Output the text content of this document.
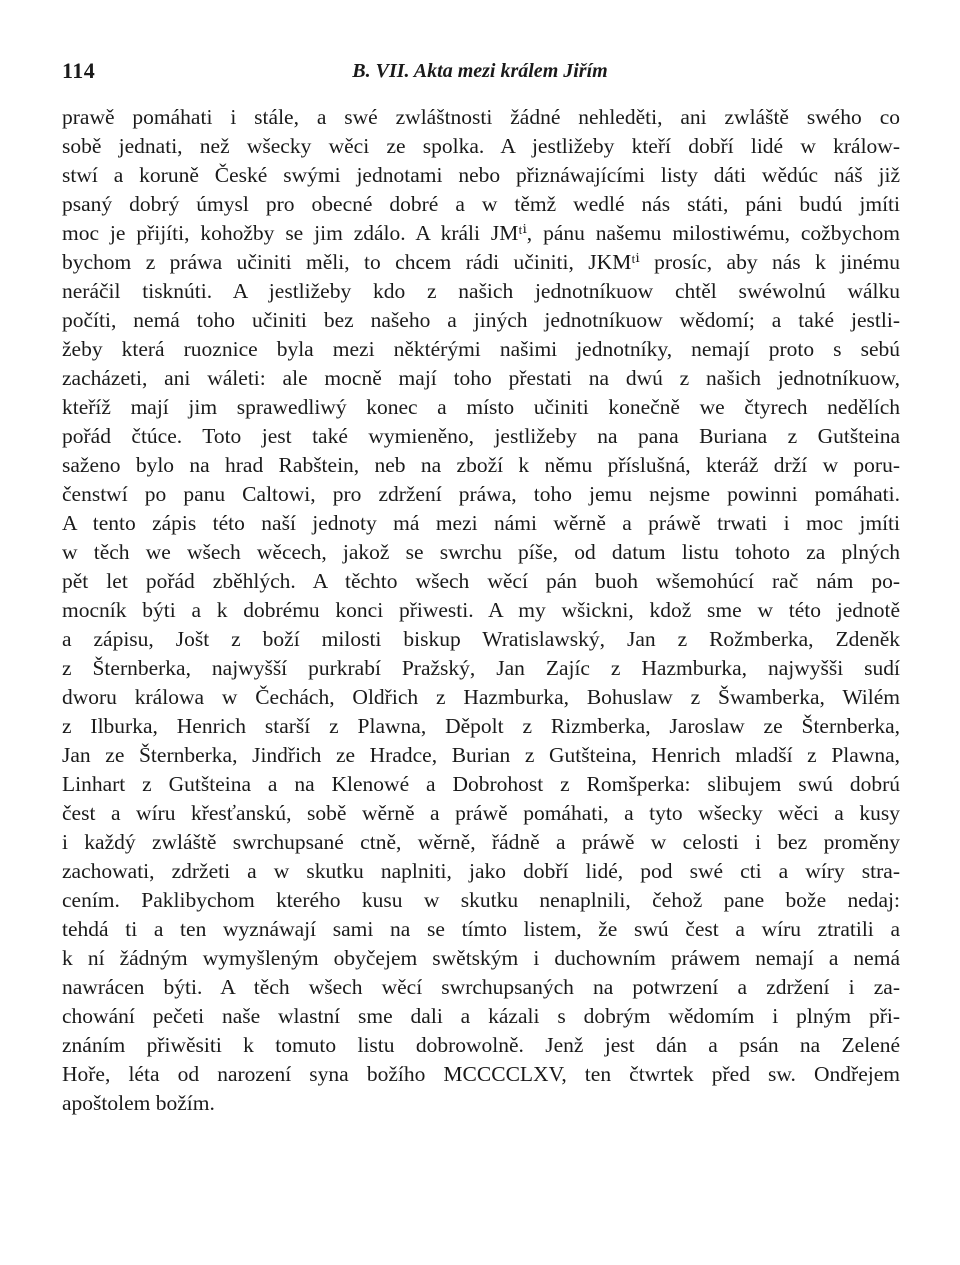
114	B. VII. Akta mezi králem Jiřím
prawě pomáhati i stále, a swé zwláštnosti žádné nehleděti, ani zwláště swého co
sobě jednati, než wšecky wěci ze spolka. A jestližeby kteří dobří lidé w králow-
stwí a koruně České swými jednotami nebo přiznáwajícími listy dáti wědúc náš již
psaný dobrý úmysl pro obecné dobré a w těmž wedlé nás státi, páni budú jmíti
moc je přijíti, kohožby se jim zdálo. A králi JMᵗⁱ, pánu našemu milostiwému, cožbychom
bychom z práwa učiniti měli, to chcem rádi učiniti, JKMᵗⁱ prosíc, aby nás k jinému
neráčil tisknúti. A jestližeby kdo z našich jednotníkuow chtěl swéwolnú wálku
počíti, nemá toho učiniti bez našeho a jiných jednotníkuow wědomí; a také jestli-
žeby která ruoznice byla mezi něktérými našimi jednotníky, nemají proto s sebú
zacházeti, ani wáleti: ale mocně mají toho přestati na dwú z našich jednotníkuow,
kteříž mají jim sprawedliwý konec a místo učiniti konečně we čtyrech nedělích
pořád čtúce. Toto jest také wymieněno, jestližeby na pana Buriana z Gutšteina
saženo bylo na hrad Rabštein, neb na zboží k němu příslušná, kteráž drží w poru-
čenstwí po panu Caltowi, pro zdržení práwa, toho jemu nejsme powinni pomáhati.
A tento zápis této naší jednoty má mezi námi wěrně a práwě trwati i moc jmíti
w těch we wšech wěcech, jakož se swrchu píše, od datum listu tohoto za plných
pět let pořád zběhlých. A těchto wšech wěcí pán buoh wšemohúcí rač nám po-
mocník býti a k dobrému konci přiwesti. A my wšickni, kdož sme w této jednotě
a zápisu, Jošt z boží milosti biskup Wratislawský, Jan z Rožmberka, Zdeněk
z Šternberka, najwyšší purkrabí Pražský, Jan Zajíc z Hazmburka, najwyšši sudí
dworu králowa w Čechách, Oldřich z Hazmburka, Bohuslaw z Šwamberka, Wilém
z Ilburka, Henrich starší z Plawna, Děpolt z Rizmberka, Jaroslaw ze Šternberka,
Jan ze Šternberka, Jindřich ze Hradce, Burian z Gutšteina, Henrich mladší z Plawna,
Linhart z Gutšteina a na Klenowé a Dobrohost z Romšperka: slibujem swú dobrú
čest a wíru křesťanskú, sobě wěrně a práwě pomáhati, a tyto wšecky wěci a kusy
i každý zwláště swrchupsané ctně, wěrně, řádně a práwě w celosti i bez proměny
zachowati, zdržeti a w skutku naplniti, jako dobří lidé, pod swé cti a wíry stra-
cením. Paklibychom kterého kusu w skutku nenaplnili, čehož pane bože nedaj:
tehdá ti a ten wyznáwají sami na se tímto listem, že swú čest a wíru ztratili a
k ní žádným wymyšleným obyčejem swětským i duchowním práwem nemají a nemá
nawrácen býti. A těch wšech wěcí swrchupsaných na potwrzení a zdržení i za-
chowání pečeti naše wlastní sme dali a kázali s dobrým wědomím i plným při-
znáním přiwěsiti k tomuto listu dobrowolně. Jenž jest dán a psán na Zelené
Hoře, léta od narození syna božího MCCCCLXV, ten čtwrtek před sw. Ondřejem
apoštolem božím.
